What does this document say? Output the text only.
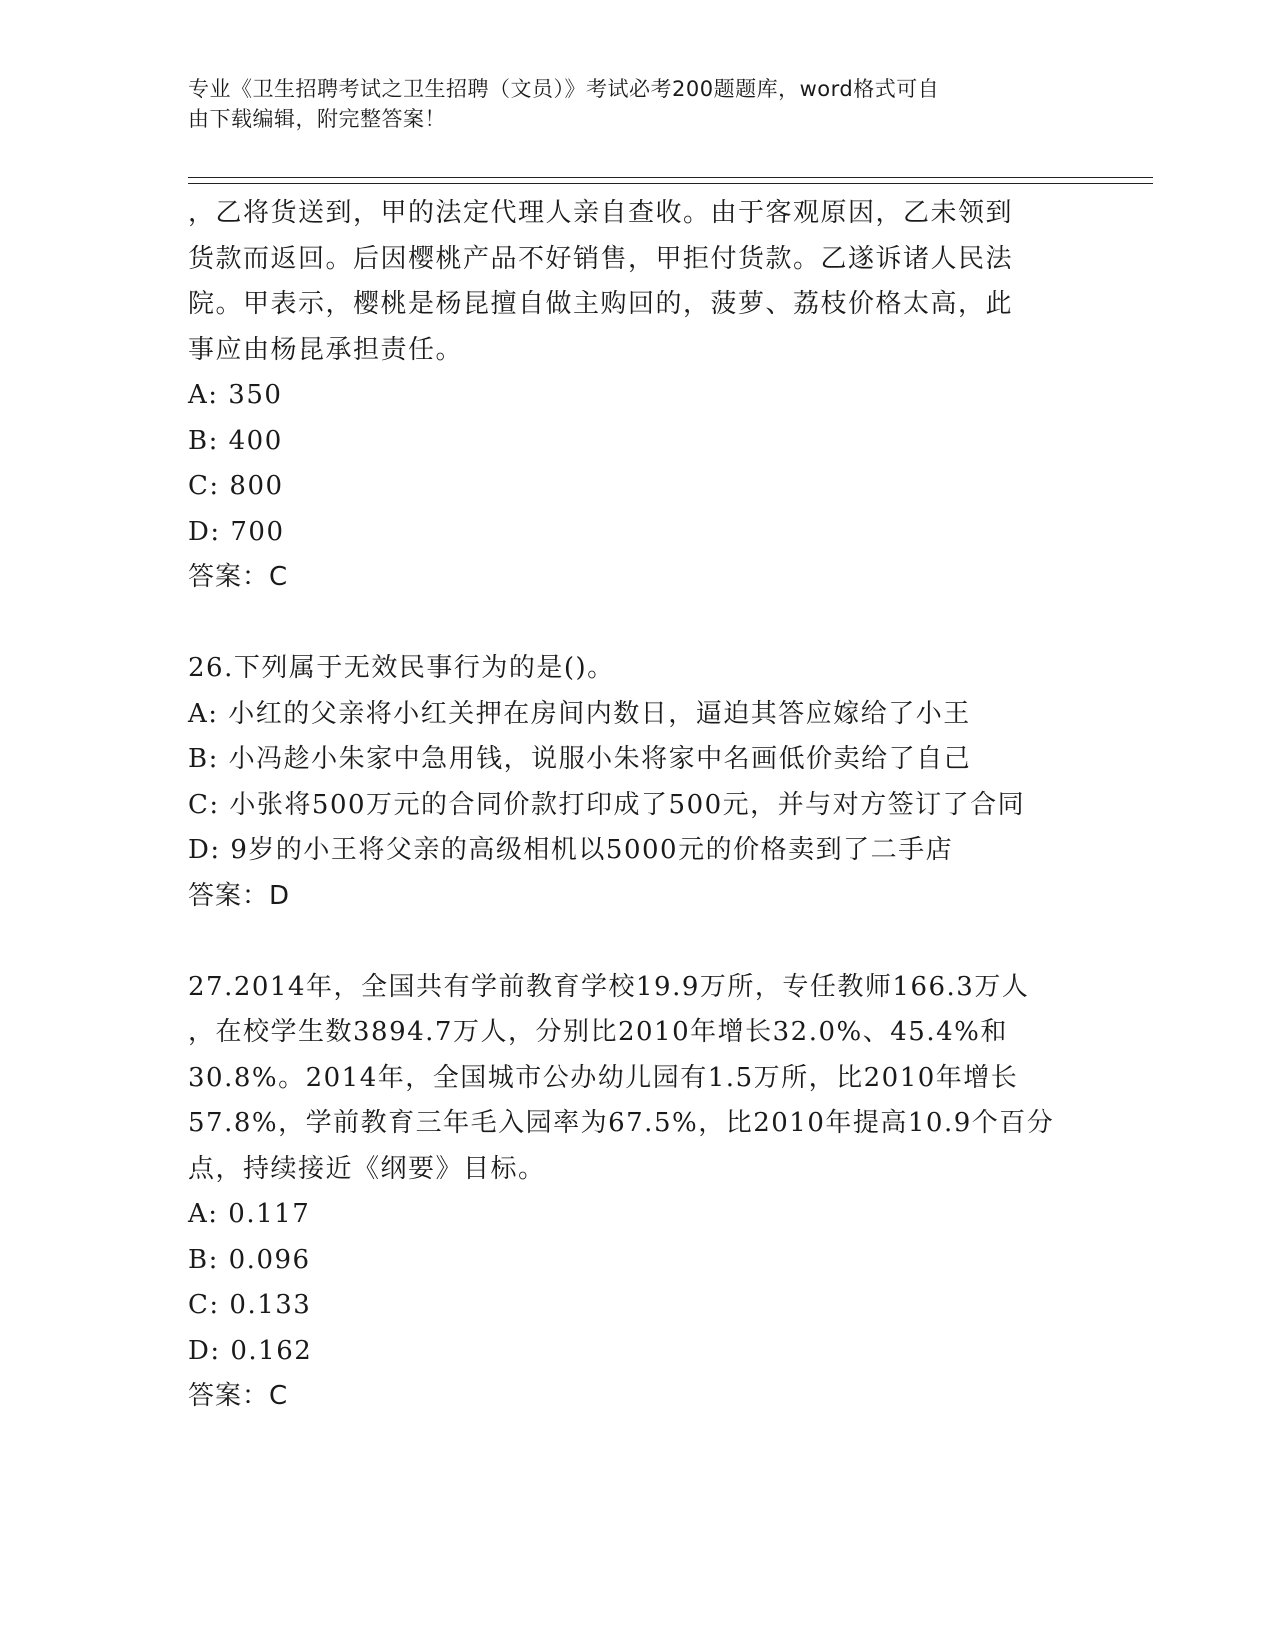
专业《卫生招聘考试之卫生招聘（文员）》考试必考200题题库，word格式可自
由下载编辑，附完整答案！
，乙将货送到，甲的法定代理人亲自查收。由于客观原因，乙未领到
货款而返回。后因樱桃产品不好销售，甲拒付货款。乙遂诉诸人民法
院。甲表示，樱桃是杨昆擅自做主购回的，菠萝、荔枝价格太高，此
事应由杨昆承担责任。
A: 350
B: 400
C: 800
D: 700
答案：C
26.下列属于无效民事行为的是()。
A: 小红的父亲将小红关押在房间内数日，逼迫其答应嫁给了小王
B: 小冯趁小朱家中急用钱，说服小朱将家中名画低价卖给了自己
C: 小张将500万元的合同价款打印成了500元，并与对方签订了合同
D: 9岁的小王将父亲的高级相机以5000元的价格卖到了二手店
答案：D
27.2014年，全国共有学前教育学校19.9万所，专任教师166.3万人
，在校学生数3894.7万人，分别比2010年增长32.0%、45.4%和
30.8%。2014年，全国城市公办幼儿园有1.5万所，比2010年增长
57.8%，学前教育三年毛入园率为67.5%，比2010年提高10.9个百分
点，持续接近《纲要》目标。
A: 0.117
B: 0.096
C: 0.133
D: 0.162
答案：C
